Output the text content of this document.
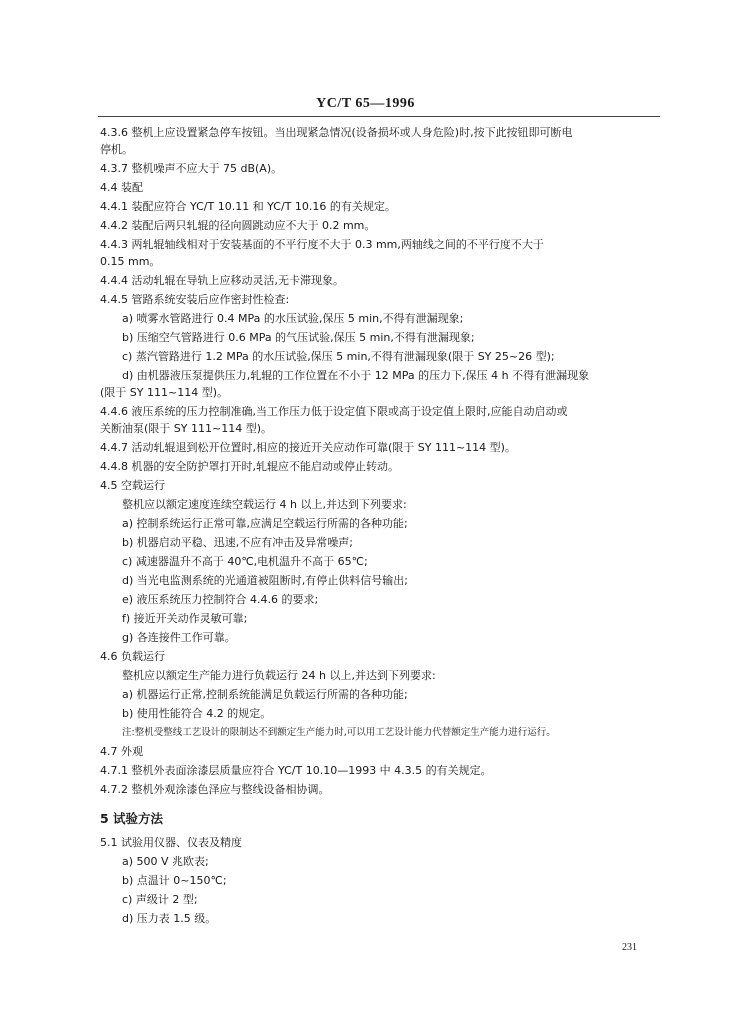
YC/T 65—1996
4.3.6 整机上应设置紧急停车按钮。当出现紧急情况(设备损坏或人身危险)时,按下此按钮即可断电
停机。
4.3.7 整机噪声不应大于 75 dB(A)。
4.4 装配
4.4.1 装配应符合 YC/T 10.11 和 YC/T 10.16 的有关规定。
4.4.2 装配后两只轧辊的径向圆跳动应不大于 0.2 mm。
4.4.3 两轧辊轴线相对于安装基面的不平行度不大于 0.3 mm,两轴线之间的不平行度不大于
0.15 mm。
4.4.4 活动轧辊在导轨上应移动灵活,无卡滞现象。
4.4.5 管路系统安装后应作密封性检查:
a) 喷雾水管路进行 0.4 MPa 的水压试验,保压 5 min,不得有泄漏现象;
b) 压缩空气管路进行 0.6 MPa 的气压试验,保压 5 min,不得有泄漏现象;
c) 蒸汽管路进行 1.2 MPa 的水压试验,保压 5 min,不得有泄漏现象(限于 SY 25~26 型);
d) 由机器液压泵提供压力,轧辊的工作位置在不小于 12 MPa 的压力下,保压 4 h 不得有泄漏现象
(限于 SY 111~114 型)。
4.4.6 液压系统的压力控制准确,当工作压力低于设定值下限或高于设定值上限时,应能自动启动或
关断油泵(限于 SY 111~114 型)。
4.4.7 活动轧辊退到松开位置时,相应的接近开关应动作可靠(限于 SY 111~114 型)。
4.4.8 机器的安全防护罩打开时,轧辊应不能启动或停止转动。
4.5 空载运行
整机应以额定速度连续空载运行 4 h 以上,并达到下列要求:
a) 控制系统运行正常可靠,应满足空载运行所需的各种功能;
b) 机器启动平稳、迅速,不应有冲击及异常噪声;
c) 减速器温升不高于 40℃,电机温升不高于 65℃;
d) 当光电监测系统的光通道被阻断时,有停止供料信号输出;
e) 液压系统压力控制符合 4.4.6 的要求;
f) 接近开关动作灵敏可靠;
g) 各连接件工作可靠。
4.6 负载运行
整机应以额定生产能力进行负载运行 24 h 以上,并达到下列要求:
a) 机器运行正常,控制系统能满足负载运行所需的各种功能;
b) 使用性能符合 4.2 的规定。
注:整机受整线工艺设计的限制达不到额定生产能力时,可以用工艺设计能力代替额定生产能力进行运行。
4.7 外观
4.7.1 整机外表面涂漆层质量应符合 YC/T 10.10—1993 中 4.3.5 的有关规定。
4.7.2 整机外观涂漆色泽应与整线设备相协调。
5 试验方法
5.1 试验用仪器、仪表及精度
a) 500 V 兆欧表;
b) 点温计 0~150℃;
c) 声级计 2 型;
d) 压力表 1.5 级。
231
